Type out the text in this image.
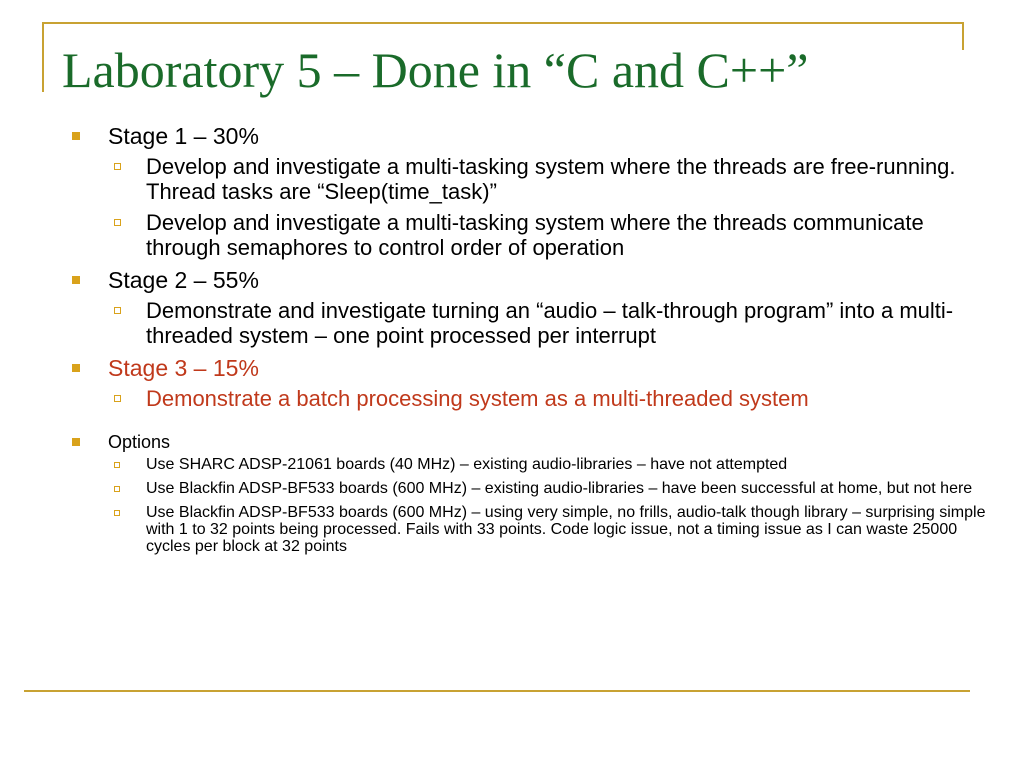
Laboratory 5 – Done in “C and C++”
Stage 1 – 30%
Develop and investigate a multi-tasking system where the threads are free-running. Thread tasks are “Sleep(time_task)”
Develop and investigate a multi-tasking system where the threads communicate through semaphores to control order of operation
Stage 2 – 55%
Demonstrate and investigate turning an “audio – talk-through program” into a multi-threaded system – one point processed per interrupt
Stage 3 – 15%
Demonstrate a batch processing system as a multi-threaded system
Options
Use SHARC ADSP-21061 boards (40 MHz) – existing audio-libraries – have not attempted
Use Blackfin ADSP-BF533 boards (600 MHz) – existing audio-libraries – have been successful at home, but not here
Use Blackfin ADSP-BF533 boards (600 MHz) – using very simple, no frills, audio-talk though library – surprising simple with 1 to 32 points being processed. Fails with 33 points. Code logic issue, not a timing issue as I can waste 25000 cycles per block at 32 points
